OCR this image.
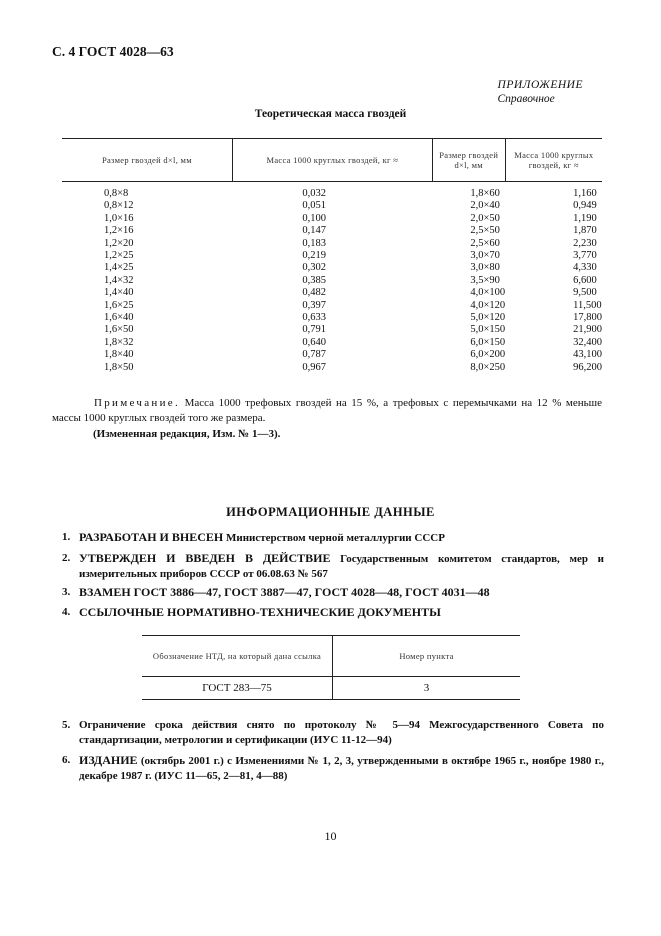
С. 4 ГОСТ 4028—63
ПРИЛОЖЕНИЕ
Справочное
Теоретическая масса гвоздей
Размер гвоздей d×l, мм	Масса 1000 круглых гвоздей, кг ≈	Размер гвоздей d×l, мм	Масса 1000 круглых гвоздей, кг ≈
0,8×8	0,032	1,8×60	1,160
0,8×12	0,051	2,0×40	0,949
1,0×16	0,100	2,0×50	1,190
1,2×16	0,147	2,5×50	1,870
1,2×20	0,183	2,5×60	2,230
1,2×25	0,219	3,0×70	3,770
1,4×25	0,302	3,0×80	4,330
1,4×32	0,385	3,5×90	6,600
1,4×40	0,482	4,0×100	9,500
1,6×25	0,397	4,0×120	11,500
1,6×40	0,633	5,0×120	17,800
1,6×50	0,791	5,0×150	21,900
1,8×32	0,640	6,0×150	32,400
1,8×40	0,787	6,0×200	43,100
1,8×50	0,967	8,0×250	96,200
Примечание. Масса 1000 трефовых гвоздей на 15 %, а трефовых с перемычками на 12 % меньше массы 1000 круглых гвоздей того же размера.
(Измененная редакция, Изм. № 1—3).
ИНФОРМАЦИОННЫЕ ДАННЫЕ
1. РАЗРАБОТАН И ВНЕСЕН Министерством черной металлургии СССР
2. УТВЕРЖДЕН И ВВЕДЕН В ДЕЙСТВИЕ Государственным комитетом стандартов, мер и измерительных приборов СССР от 06.08.63 № 567
3. ВЗАМЕН ГОСТ 3886—47, ГОСТ 3887—47, ГОСТ 4028—48, ГОСТ 4031—48
4. ССЫЛОЧНЫЕ НОРМАТИВНО-ТЕХНИЧЕСКИЕ ДОКУМЕНТЫ
Обозначение НТД, на который дана ссылка	Номер пункта
ГОСТ 283—75	3
5. Ограничение срока действия снято по протоколу № 5—94 Межгосударственного Совета по стандартизации, метрологии и сертификации (ИУС 11-12—94)
6. ИЗДАНИЕ (октябрь 2001 г.) с Изменениями № 1, 2, 3, утвержденными в октябре 1965 г., ноябре 1980 г., декабре 1987 г. (ИУС 11—65, 2—81, 4—88)
10
